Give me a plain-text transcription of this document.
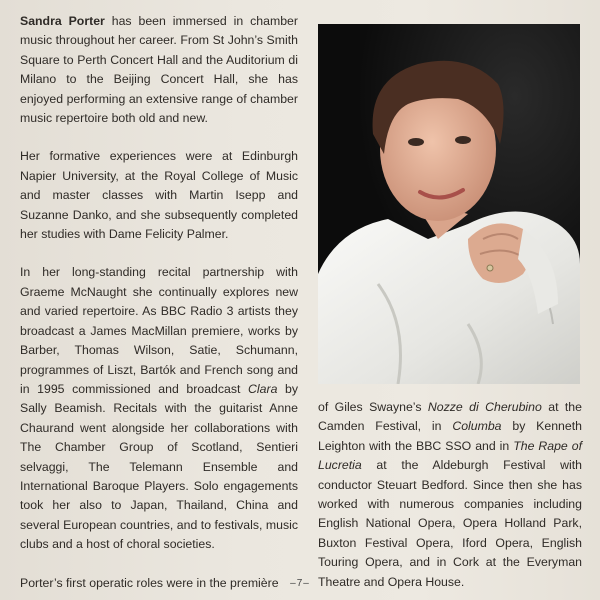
Sandra Porter has been immersed in chamber music throughout her career. From St John’s Smith Square to Perth Concert Hall and the Auditorium di Milano to the Beijing Concert Hall, she has enjoyed performing an extensive range of chamber music repertoire both old and new.

Her formative experiences were at Edinburgh Napier University, at the Royal College of Music and master classes with Martin Isepp and Suzanne Danko, and she subsequently completed her studies with Dame Felicity Palmer.

In her long-standing recital partnership with Graeme McNaught she continually explores new and varied repertoire. As BBC Radio 3 artists they broadcast a James MacMillan premiere, works by Barber, Thomas Wilson, Satie, Schumann, programmes of Liszt, Bartók and French song and in 1995 commissioned and broadcast Clara by Sally Beamish. Recitals with the guitarist Anne Chaurand went alongside her collaborations with The Chamber Group of Scotland, Sentieri selvaggi, The Telemann Ensemble and International Baroque Players. Solo engagements took her also to Japan, Thailand, China and several European countries, and to festivals, music clubs and a host of choral societies.

Porter’s first operatic roles were in the première

of Giles Swayne’s Nozze di Cherubino at the Camden Festival, in Columba by Kenneth Leighton with the BBC SSO and in The Rape of Lucretia at the Aldeburgh Festival with conductor Steuart Bedford. Since then she has worked with numerous companies including English National Opera, Opera Holland Park, Buxton Festival Opera, Iford Opera, English Touring Opera, and in Cork at the Everyman Theatre and Opera House.

–7–
